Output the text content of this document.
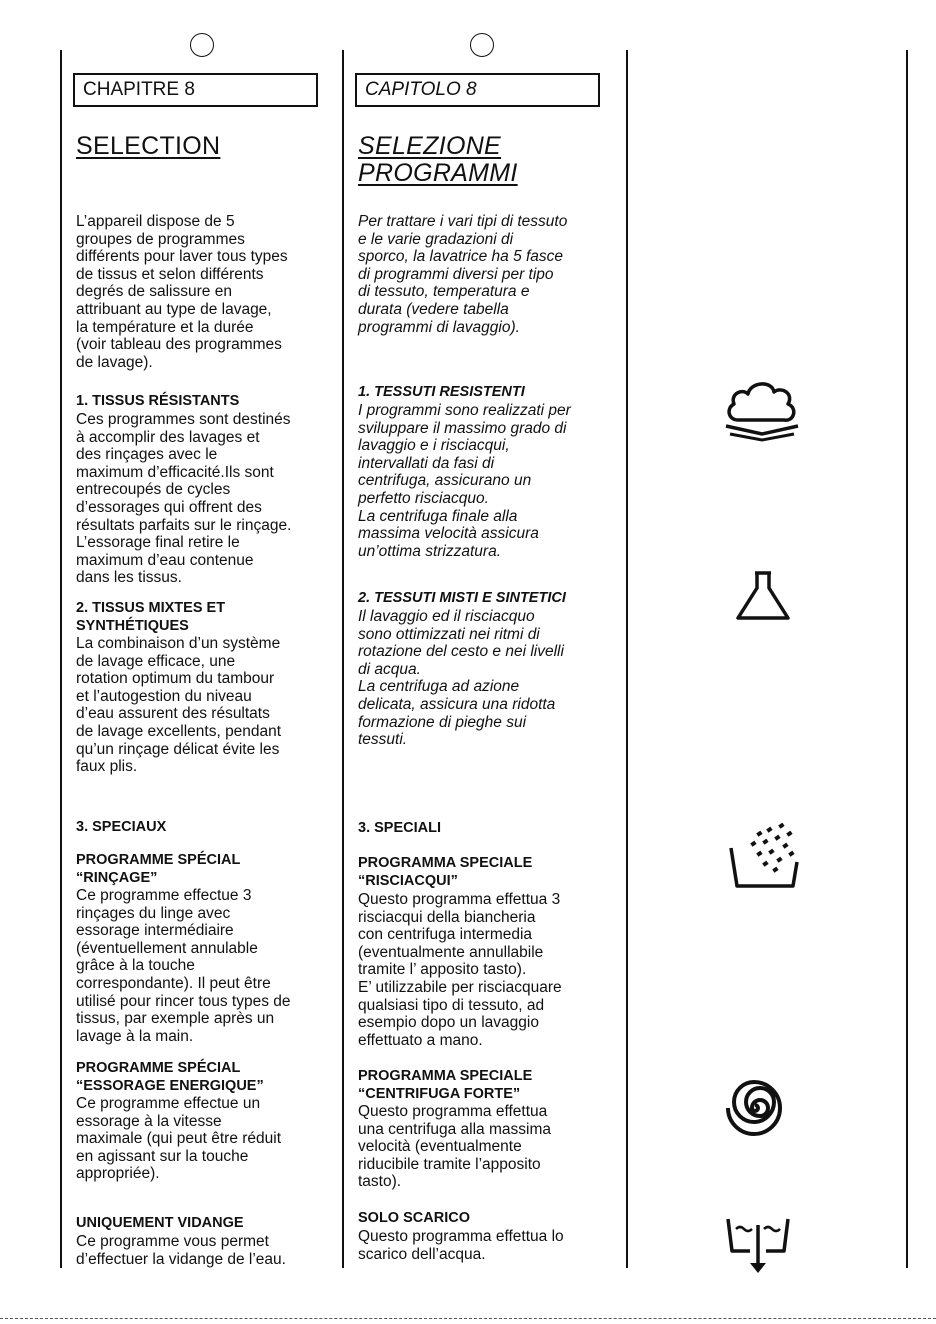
CHAPITRE 8
SELECTION

L’appareil dispose de 5
groupes de programmes
différents pour laver tous types
de tissus et selon différents
degrés de salissure en
attribuant au type de lavage,
la température et la durée
(voir tableau des programmes
de lavage).

1. TISSUS RÉSISTANTS

Ces programmes sont destinés
à accomplir des lavages et
des rinçages avec le
maximum d’efficacité.Ils sont
entrecoupés de cycles
d’essorages qui offrent des
résultats parfaits sur le rinçage.
L’essorage final retire le
maximum d’eau contenue
dans les tissus.

2. TISSUS MIXTES ET
SYNTHÉTIQUES

La combinaison d’un système
de lavage efficace, une
rotation optimum du tambour
et l’autogestion du niveau
d’eau assurent des résultats
de lavage excellents, pendant
qu’un rinçage délicat évite les
faux plis.

3. SPECIAUX

PROGRAMME SPÉCIAL
“RINÇAGE”

Ce programme effectue 3
rinçages du linge avec
essorage intermédiaire
(éventuellement annulable
grâce à la touche
correspondante). Il peut être
utilisé pour rincer tous types de
tissus, par exemple après un
lavage à la main.

PROGRAMME SPÉCIAL
“ESSORAGE ENERGIQUE”

Ce programme effectue un
essorage à la vitesse
maximale (qui peut être réduit
en agissant sur la touche
appropriée).

UNIQUEMENT VIDANGE

Ce programme vous permet
d’effectuer la vidange de l’eau.

CAPITOLO 8
SELEZIONE
PROGRAMMI

Per trattare i vari tipi di tessuto
e le varie gradazioni di
sporco, la lavatrice ha 5 fasce
di programmi diversi per tipo
di tessuto, temperatura e
durata (vedere tabella
programmi di lavaggio).

1. TESSUTI RESISTENTI

I programmi sono realizzati per
sviluppare il massimo grado di
lavaggio e i risciacqui,
intervallati da fasi di
centrifuga, assicurano un
perfetto risciacquo.
La centrifuga finale alla
massima velocità assicura
un’ottima strizzatura.

2. TESSUTI MISTI E SINTETICI

Il lavaggio ed il risciacquo
sono ottimizzati nei ritmi di
rotazione del cesto e nei livelli
di acqua.
La centrifuga ad azione
delicata, assicura una ridotta
formazione di pieghe sui
tessuti.

3. SPECIALI

PROGRAMMA SPECIALE
“RISCIACQUI”

Questo programma effettua 3
risciacqui della biancheria
con centrifuga intermedia
(eventualmente annullabile
tramite l’ apposito tasto).
E’ utilizzabile per risciacquare
qualsiasi tipo di tessuto, ad
esempio dopo un lavaggio
effettuato a mano.

PROGRAMMA SPECIALE
“CENTRIFUGA FORTE”

Questo programma effettua
una centrifuga alla massima
velocità (eventualmente
riducibile tramite l’apposito
tasto).

SOLO SCARICO

Questo programma effettua lo
scarico dell’acqua.
